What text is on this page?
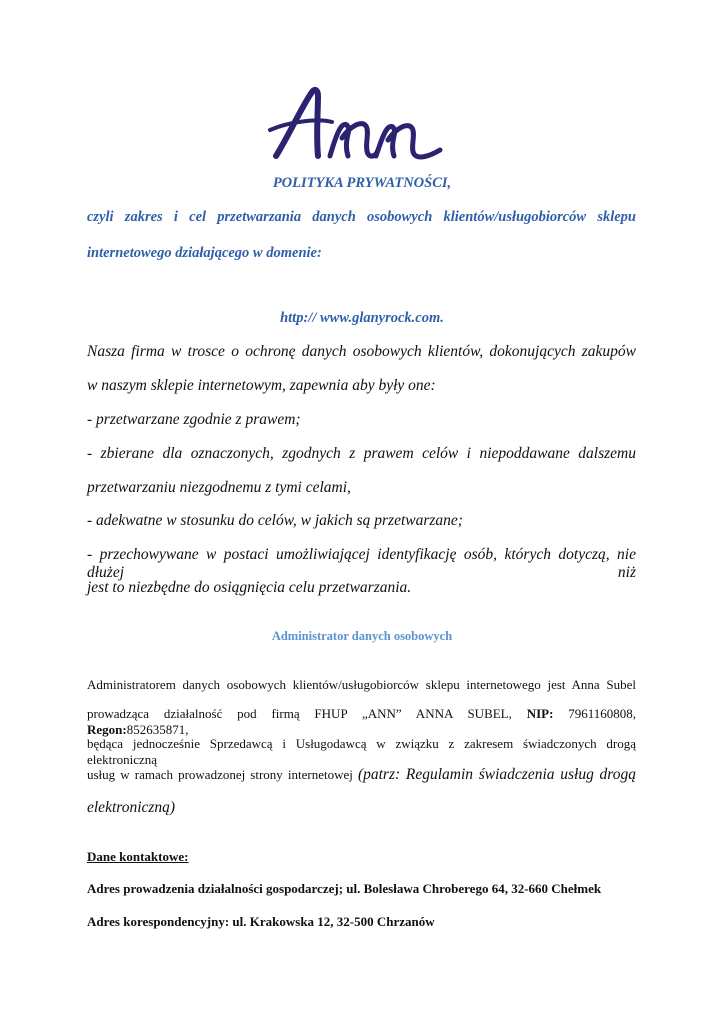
POLITYKA PRYWATNOŚCI,
czyli zakres i cel przetwarzania danych osobowych klientów/usługobiorców sklepu
internetowego działającego w domenie:
http:// www.glanyrock.com.
Nasza firma w trosce o ochronę danych osobowych klientów, dokonujących zakupów
w naszym sklepie internetowym, zapewnia aby były one:
- przetwarzane zgodnie z prawem;
- zbierane dla oznaczonych, zgodnych z prawem celów i niepoddawane dalszemu
przetwarzaniu niezgodnemu z tymi celami,
- adekwatne w stosunku do celów, w jakich są przetwarzane;
- przechowywane w postaci umożliwiającej identyfikację osób, których dotyczą, nie dłużej niż
jest to niezbędne do osiągnięcia celu przetwarzania.
Administrator danych osobowych
Administratorem danych osobowych klientów/usługobiorców sklepu internetowego jest Anna Subel
prowadząca działalność pod firmą FHUP „ANN” ANNA SUBEL, NIP: 7961160808, Regon:852635871,
będąca jednocześnie Sprzedawcą i Usługodawcą w związku z zakresem świadczonych drogą elektroniczną
usług w ramach prowadzonej strony internetowej (patrz: Regulamin świadczenia usług drogą
elektroniczną)
Dane kontaktowe:
Adres prowadzenia działalności gospodarczej; ul. Bolesława Chroberego 64, 32-660 Chełmek
Adres korespondencyjny: ul. Krakowska 12, 32-500 Chrzanów
